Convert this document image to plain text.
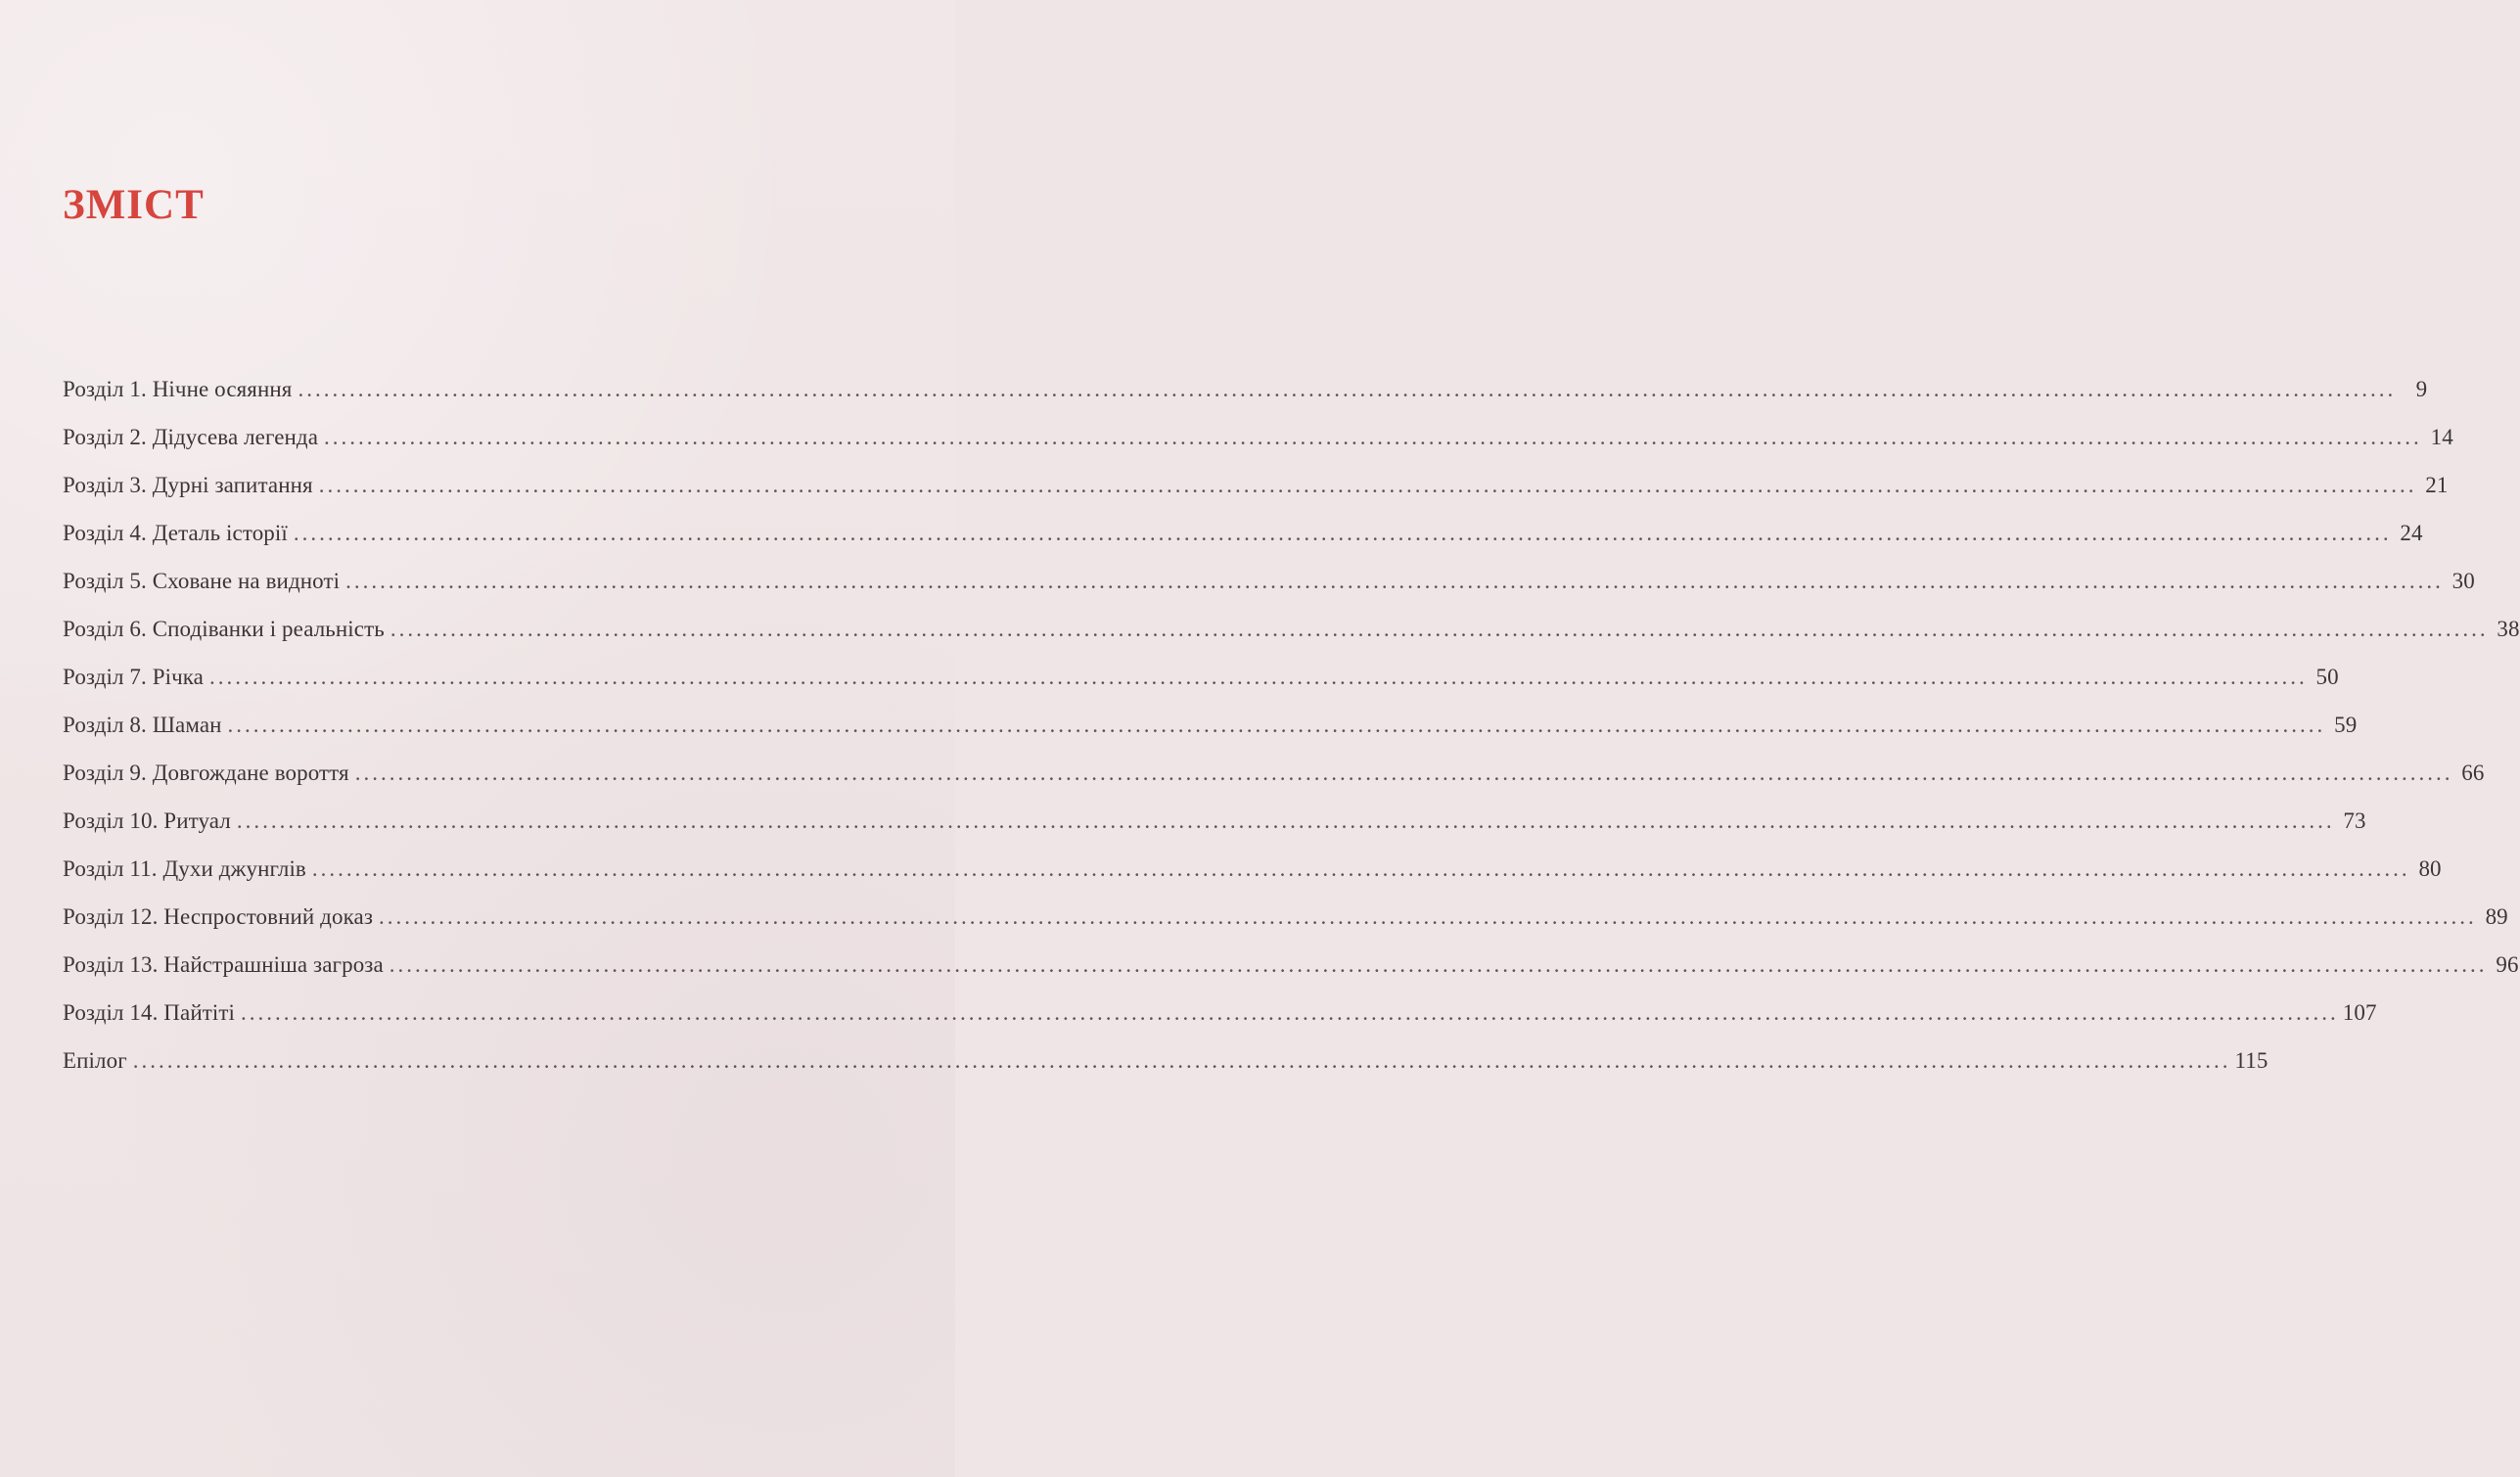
ЗМІСТ
Розділ 1. Нічне осяяння ..................................................................................................................................................................................................................................................... 9
Розділ 2. Дідусева легенда ..................................................................................................................................................................................................................................................... 14
Розділ 3. Дурні запитання ..................................................................................................................................................................................................................................................... 21
Розділ 4. Деталь історії ..................................................................................................................................................................................................................................................... 24
Розділ 5. Сховане на видноті ..................................................................................................................................................................................................................................................... 30
Розділ 6. Сподіванки і реальність ..................................................................................................................................................................................................................................................... 38
Розділ 7. Річка ..................................................................................................................................................................................................................................................... 50
Розділ 8. Шаман ..................................................................................................................................................................................................................................................... 59
Розділ 9. Довгождане вороття ..................................................................................................................................................................................................................................................... 66
Розділ 10. Ритуал ..................................................................................................................................................................................................................................................... 73
Розділ 11. Духи джунглів ..................................................................................................................................................................................................................................................... 80
Розділ 12. Неспростовний доказ ..................................................................................................................................................................................................................................................... 89
Розділ 13. Найстрашніша загроза ..................................................................................................................................................................................................................................................... 96
Розділ 14. Пайтіті ..................................................................................................................................................................................................................................................... 107
Епілог ..................................................................................................................................................................................................................................................... 115
